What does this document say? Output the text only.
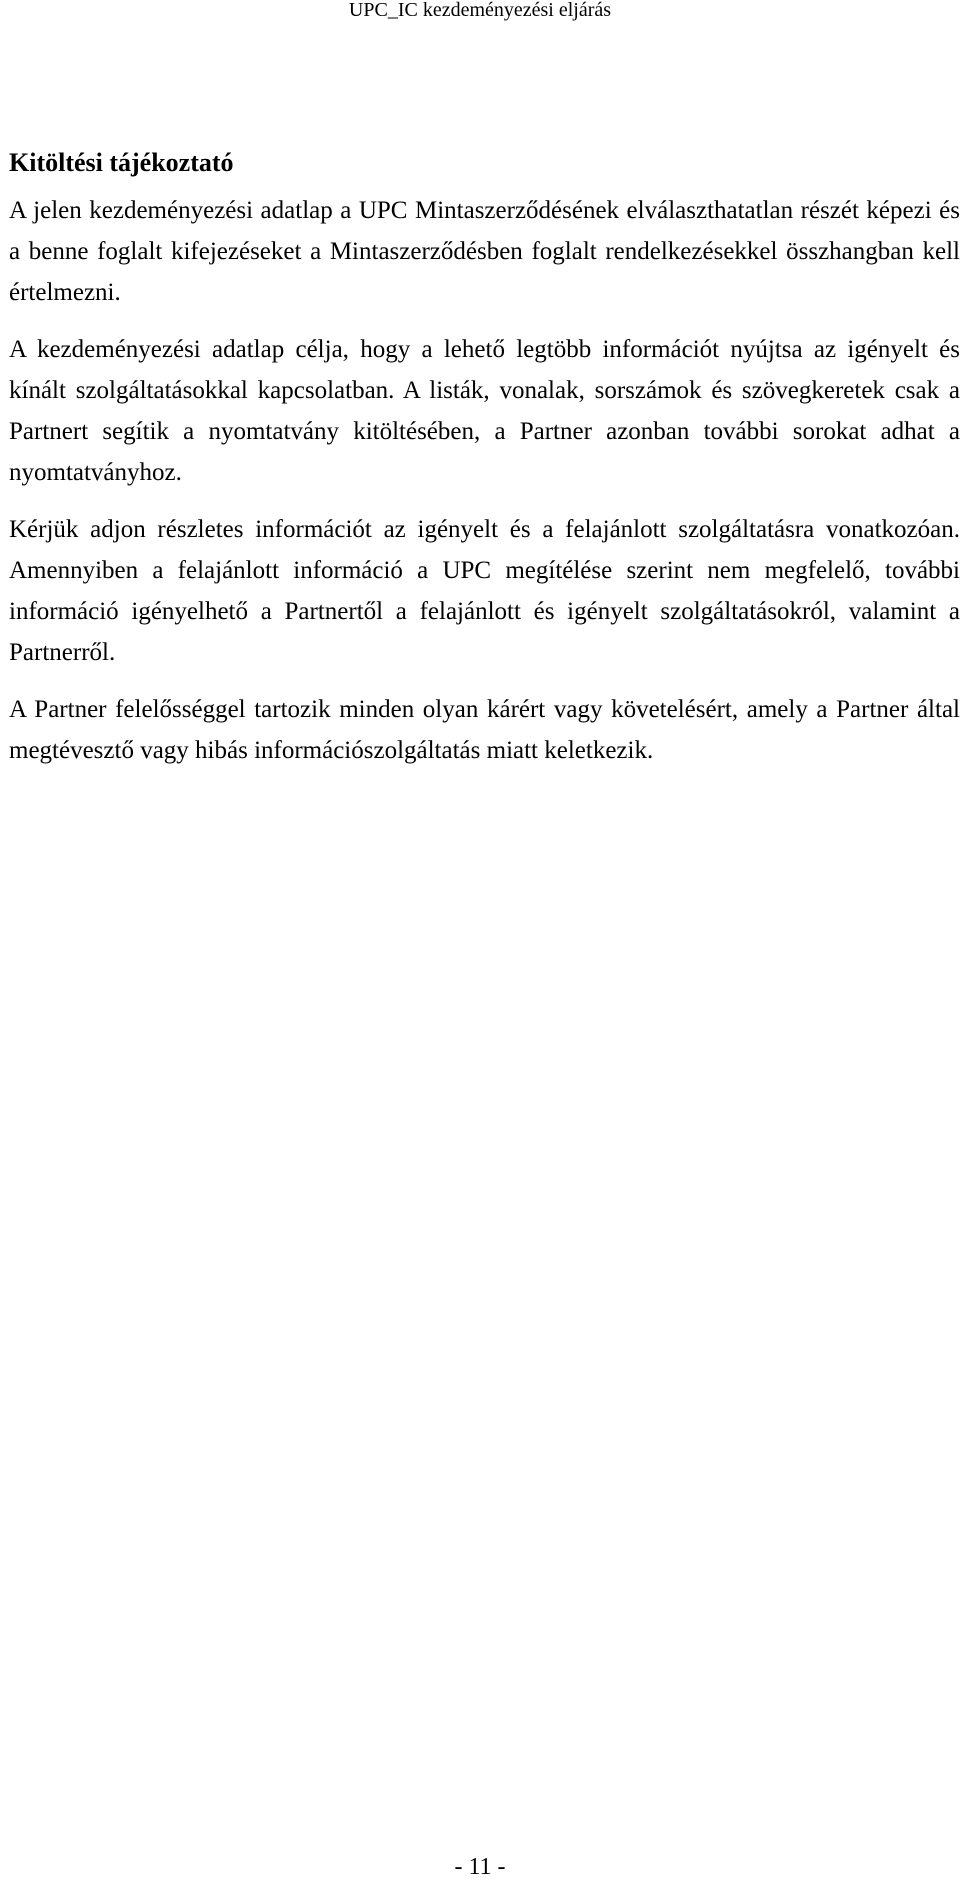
UPC_IC kezdeményezési eljárás
Kitöltési tájékoztató

A jelen kezdeményezési adatlap a UPC Mintaszerződésének elválaszthatatlan részét képezi és a benne foglalt kifejezéseket a Mintaszerződésben foglalt rendelkezésekkel összhangban kell értelmezni.

A kezdeményezési adatlap célja, hogy a lehető legtöbb információt nyújtsa az igényelt és kínált szolgáltatásokkal kapcsolatban. A listák, vonalak, sorszámok és szövegkeretek csak a Partnert segítik a nyomtatvány kitöltésében, a Partner azonban további sorokat adhat a nyomtatványhoz.

Kérjük adjon részletes információt az igényelt és a felajánlott szolgáltatásra vonatkozóan. Amennyiben a felajánlott információ a UPC megítélése szerint nem megfelelő, további információ igényelhető a Partnertől a felajánlott és igényelt szolgáltatásokról, valamint a Partnerről.

A Partner felelősséggel tartozik minden olyan kárért vagy követelésért, amely a Partner által megtévesztő vagy hibás információszolgáltatás miatt keletkezik.

- 11 -
